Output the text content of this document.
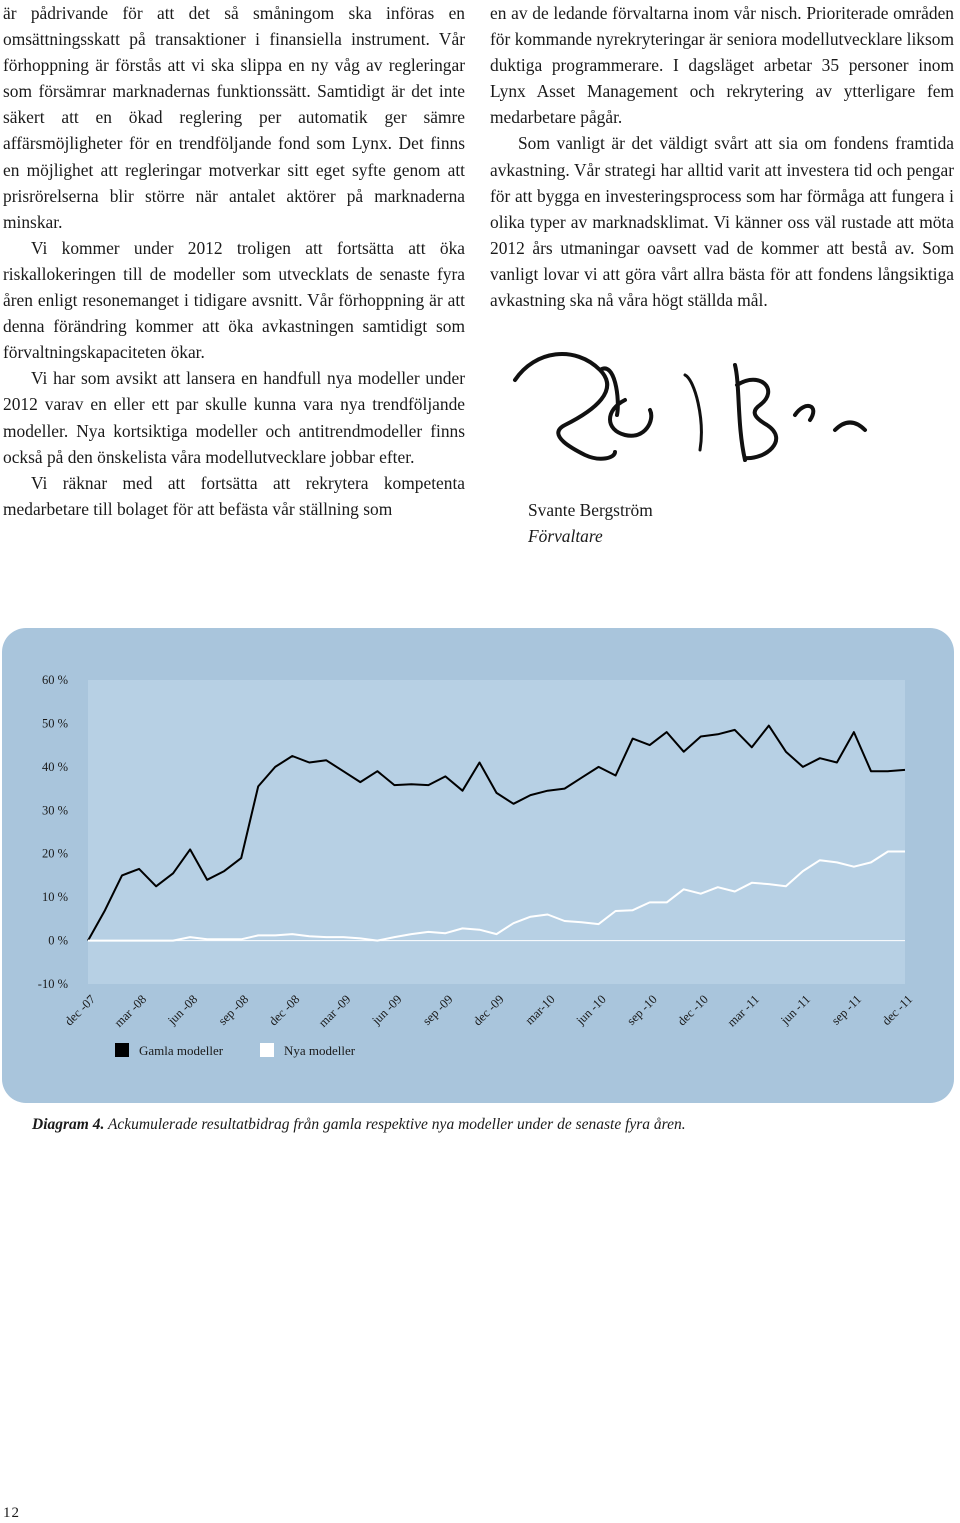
är pådrivande för att det så småningom ska införas en omsättningsskatt på transaktioner i finansiella instrument. Vår förhoppning är förstås att vi ska slippa en ny våg av regleringar som försämrar marknadernas funktionssätt. Samtidigt är det inte säkert att en ökad reglering per automatik ger sämre affärsmöjligheter för en trendföljande fond som Lynx. Det finns en möjlighet att regleringar motverkar sitt eget syfte genom att prisrörelserna blir större när antalet aktörer på marknaderna minskar.

Vi kommer under 2012 troligen att fortsätta att öka riskallokeringen till de modeller som utvecklats de senaste fyra åren enligt resonemanget i tidigare avsnitt. Vår förhoppning är att denna förändring kommer att öka avkastningen samtidigt som förvaltningskapaciteten ökar.

Vi har som avsikt att lansera en handfull nya modeller under 2012 varav en eller ett par skulle kunna vara nya trendföljande modeller. Nya kortsiktiga modeller och antitrendmodeller finns också på den önskelista våra modellutvecklare jobbar efter.

Vi räknar med att fortsätta att rekrytera kompetenta medarbetare till bolaget för att befästa vår ställning som

en av de ledande förvaltarna inom vår nisch. Prioriterade områden för kommande nyrekryteringar är seniora modellutvecklare liksom duktiga programmerare. I dagsläget arbetar 35 personer inom Lynx Asset Management och rekrytering av ytterligare fem medarbetare pågår.

Som vanligt är det väldigt svårt att sia om fondens framtida avkastning. Vår strategi har alltid varit att investera tid och pengar för att bygga en investeringsprocess som har förmåga att fungera i olika typer av marknadsklimat. Vi känner oss väl rustade att möta 2012 års utmaningar oavsett vad de kommer att bestå av. Som vanligt lovar vi att göra vårt allra bästa för att fondens långsiktiga avkastning ska nå våra högt ställda mål.

Svante Bergström
Förvaltare
60 %
50 %
40 %
30 %
20 %
10 %
0 %
-10 %
dec -07 mar -08 jun -08 sep -08 dec -08 mar -09 jun -09 sep -09 dec -09 mar-10 jun -10 sep -10 dec -10 mar -11 jun -11 sep -11 dec -11
Gamla modeller	Nya modeller
Diagram 4. Ackumulerade resultatbidrag från gamla respektive nya modeller under de senaste fyra åren.
12
